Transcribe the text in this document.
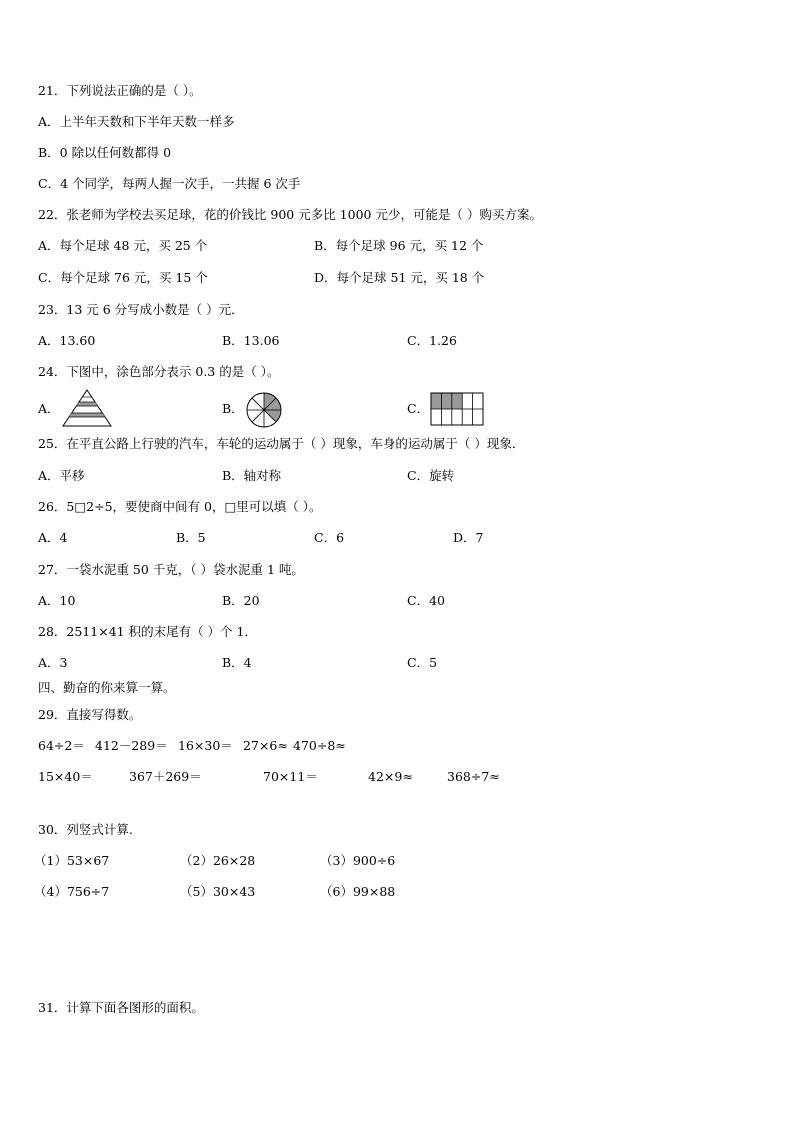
21．下列说法正确的是（ ）。
A．上半年天数和下半年天数一样多
B．0 除以任何数都得 0
C．4 个同学，每两人握一次手，一共握 6 次手
22．张老师为学校去买足球，花的价钱比 900 元多比 1000 元少，可能是（ ）购买方案。
A．每个足球 48 元，买 25 个	B．每个足球 96 元，买 12 个
C．每个足球 76 元，买 15 个	D．每个足球 51 元，买 18 个
23．13 元 6 分写成小数是（ ）元．
A．13.60	B．13.06	C．1.26
24．下图中，涂色部分表示 0.3 的是（ ）。
A．	B．	C．
25．在平直公路上行驶的汽车，车轮的运动属于（ ）现象，车身的运动属于（ ）现象．
A．平移	B．轴对称	C．旋转
26．5□2÷5，要使商中间有 0，□里可以填（ ）。
A．4	B．5	C．6	D．7
27．一袋水泥重 50 千克，（ ）袋水泥重 1 吨。
A．10	B．20	C．40
28．2511×41 积的末尾有（ ）个 1．
A．3	B．4	C．5
四、勤奋的你来算一算。
29．直接写得数。
64÷2＝ 412－289＝ 16×30＝ 27×6≈ 470÷8≈
15×40＝	367＋269＝	70×11＝	42×9≈	368÷7≈
30．列竖式计算.
（1）53×67	（2）26×28	（3）900÷6
（4）756÷7	（5）30×43	（6）99×88
31．计算下面各图形的面积。
